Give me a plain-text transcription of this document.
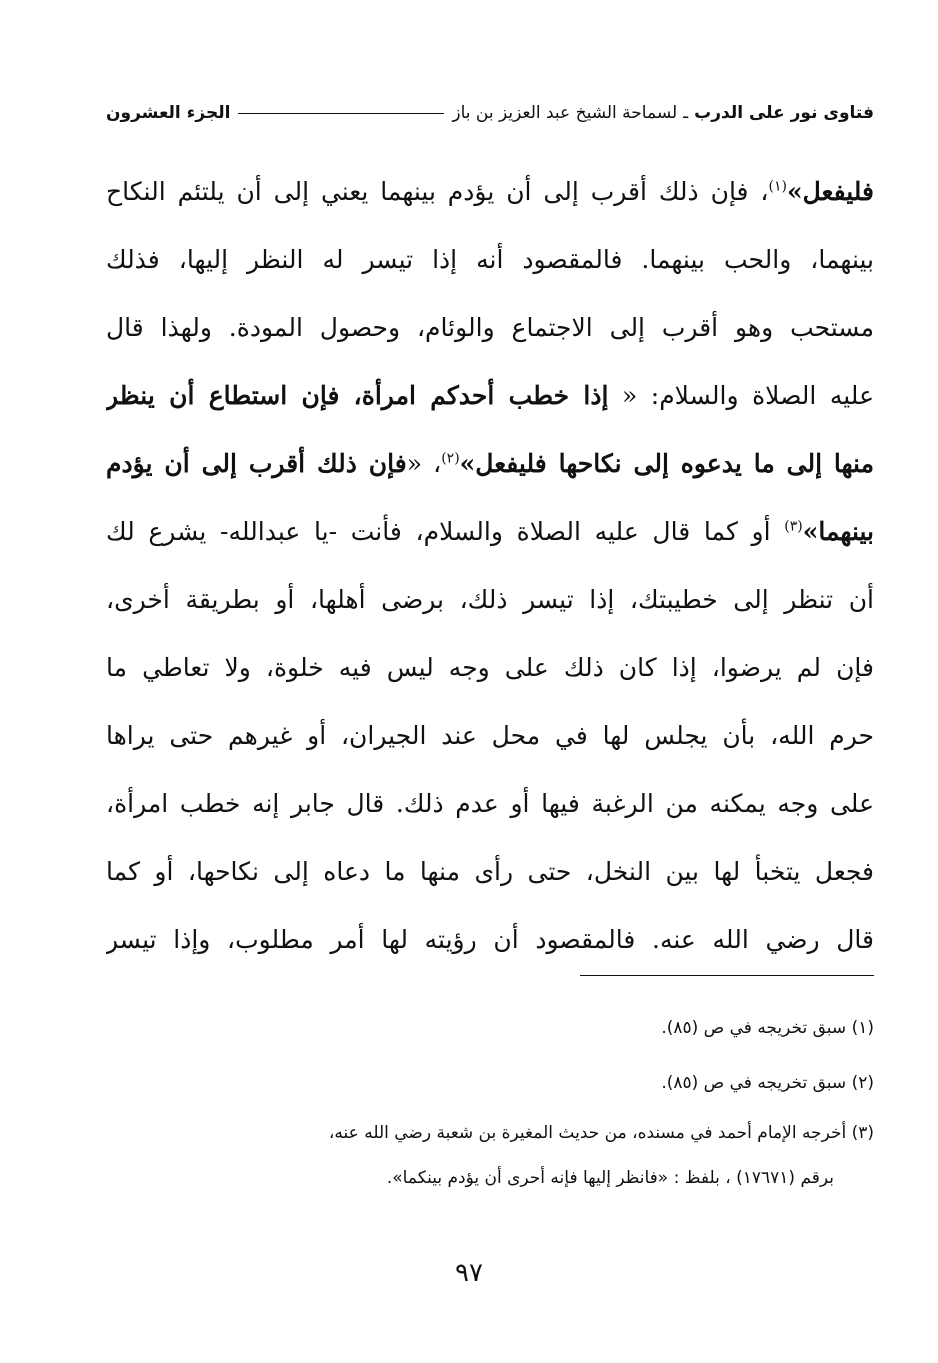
فتاوى نور على الدرب
ـ
لسماحة الشيخ عبد العزيز بن باز
الجزء العشرون
فليفعل»$^{(١)}$، فإن ذلك أقرب إلى أن يؤدم بينهما يعني إلى أن يلتئم النكاح
بينهما، والحب بينهما. فالمقصود أنه إذا تيسر له النظر إليها، فذلك
مستحب وهو أقرب إلى الاجتماع والوئام، وحصول المودة. ولهذا قال
عليه الصلاة والسلام: « إذا خطب أحدكم امرأة، فإن استطاع أن ينظر
منها إلى ما يدعوه إلى نكاحها فليفعل»$^{(٢)}$، «فإن ذلك أقرب إلى أن يؤدم
بينهما»$^{(٣)}$ أو كما قال عليه الصلاة والسلام، فأنت -يا عبدالله- يشرع لك
أن تنظر إلى خطيبتك، إذا تيسر ذلك، برضى أهلها، أو بطريقة أخرى،
فإن لم يرضوا، إذا كان ذلك على وجه ليس فيه خلوة، ولا تعاطي ما
حرم الله، بأن يجلس لها في محل عند الجيران، أو غيرهم حتى يراها
على وجه يمكنه من الرغبة فيها أو عدم ذلك. قال جابر إنه خطب امرأة،
فجعل يتخبأ لها بين النخل، حتى رأى منها ما دعاه إلى نكاحها، أو كما
قال رضي الله عنه. فالمقصود أن رؤيته لها أمر مطلوب، وإذا تيسر
(١) سبق تخريجه في ص (٨٥).
(٢) سبق تخريجه في ص (٨٥).
(٣) أخرجه الإمام أحمد في مسنده، من حديث المغيرة بن شعبة رضي الله عنه،
برقم (١٧٦٧١) ، بلفظ : «فانظر إليها فإنه أحرى أن يؤدم بينكما».
٩٧
